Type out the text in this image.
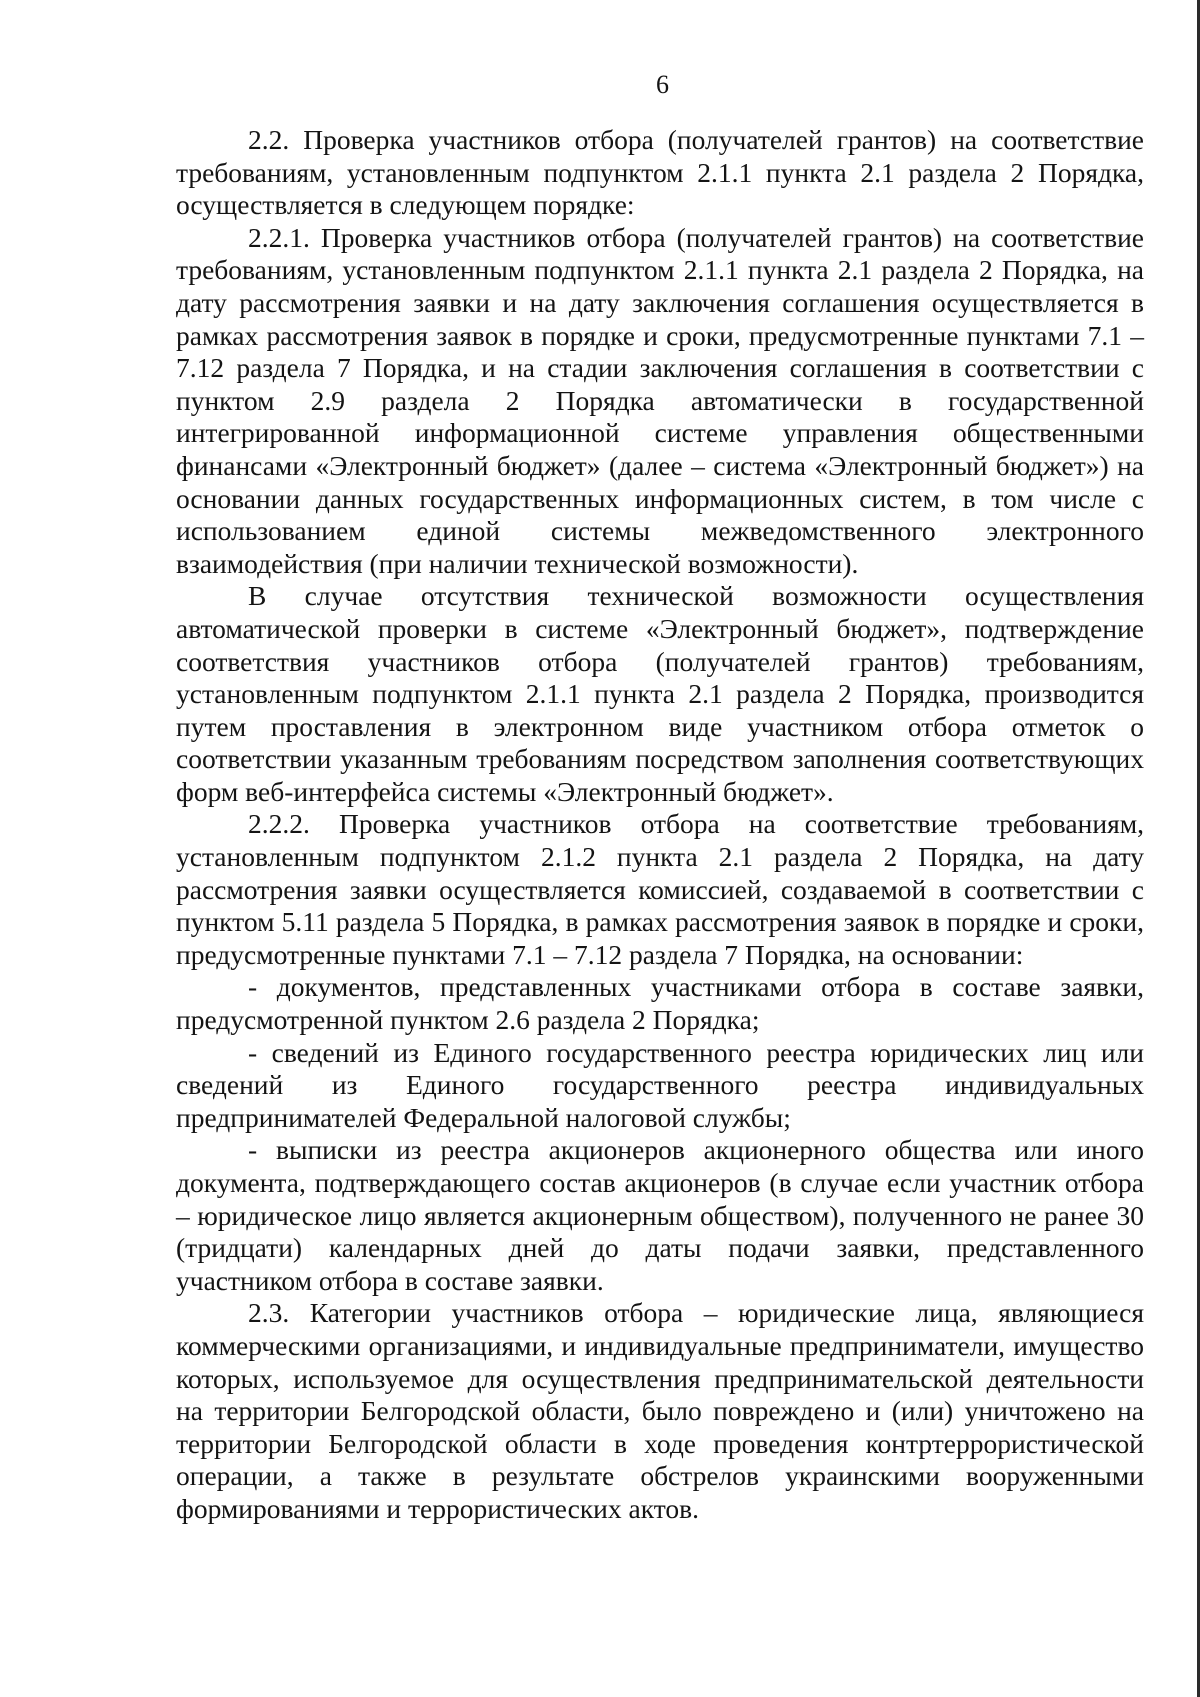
6

2.2. Проверка участников отбора (получателей грантов) на соответствие требованиям, установленным подпунктом 2.1.1 пункта 2.1 раздела 2 Порядка, осуществляется в следующем порядке:

2.2.1. Проверка участников отбора (получателей грантов) на соответствие требованиям, установленным подпунктом 2.1.1 пункта 2.1 раздела 2 Порядка, на дату рассмотрения заявки и на дату заключения соглашения осуществляется в рамках рассмотрения заявок в порядке и сроки, предусмотренные пунктами 7.1 – 7.12 раздела 7 Порядка, и на стадии заключения соглашения в соответствии с пунктом 2.9 раздела 2 Порядка автоматически в государственной интегрированной информационной системе управления общественными финансами «Электронный бюджет» (далее – система «Электронный бюджет») на основании данных государственных информационных систем, в том числе с использованием единой системы межведомственного электронного взаимодействия (при наличии технической возможности).

В случае отсутствия технической возможности осуществления автоматической проверки в системе «Электронный бюджет», подтверждение соответствия участников отбора (получателей грантов) требованиям, установленным подпунктом 2.1.1 пункта 2.1 раздела 2 Порядка, производится путем проставления в электронном виде участником отбора отметок о соответствии указанным требованиям посредством заполнения соответствующих форм веб-интерфейса системы «Электронный бюджет».

2.2.2. Проверка участников отбора на соответствие требованиям, установленным подпунктом 2.1.2 пункта 2.1 раздела 2 Порядка, на дату рассмотрения заявки осуществляется комиссией, создаваемой в соответствии с пунктом 5.11 раздела 5 Порядка, в рамках рассмотрения заявок в порядке и сроки, предусмотренные пунктами 7.1 – 7.12 раздела 7 Порядка, на основании:

- документов, представленных участниками отбора в составе заявки, предусмотренной пунктом 2.6 раздела 2 Порядка;

- сведений из Единого государственного реестра юридических лиц или сведений из Единого государственного реестра индивидуальных предпринимателей Федеральной налоговой службы;

- выписки из реестра акционеров акционерного общества или иного документа, подтверждающего состав акционеров (в случае если участник отбора – юридическое лицо является акционерным обществом), полученного не ранее 30 (тридцати) календарных дней до даты подачи заявки, представленного участником отбора в составе заявки.

2.3. Категории участников отбора – юридические лица, являющиеся коммерческими организациями, и индивидуальные предприниматели, имущество которых, используемое для осуществления предпринимательской деятельности на территории Белгородской области, было повреждено и (или) уничтожено на территории Белгородской области в ходе проведения контртеррористической операции, а также в результате обстрелов украинскими вооруженными формированиями и террористических актов.
